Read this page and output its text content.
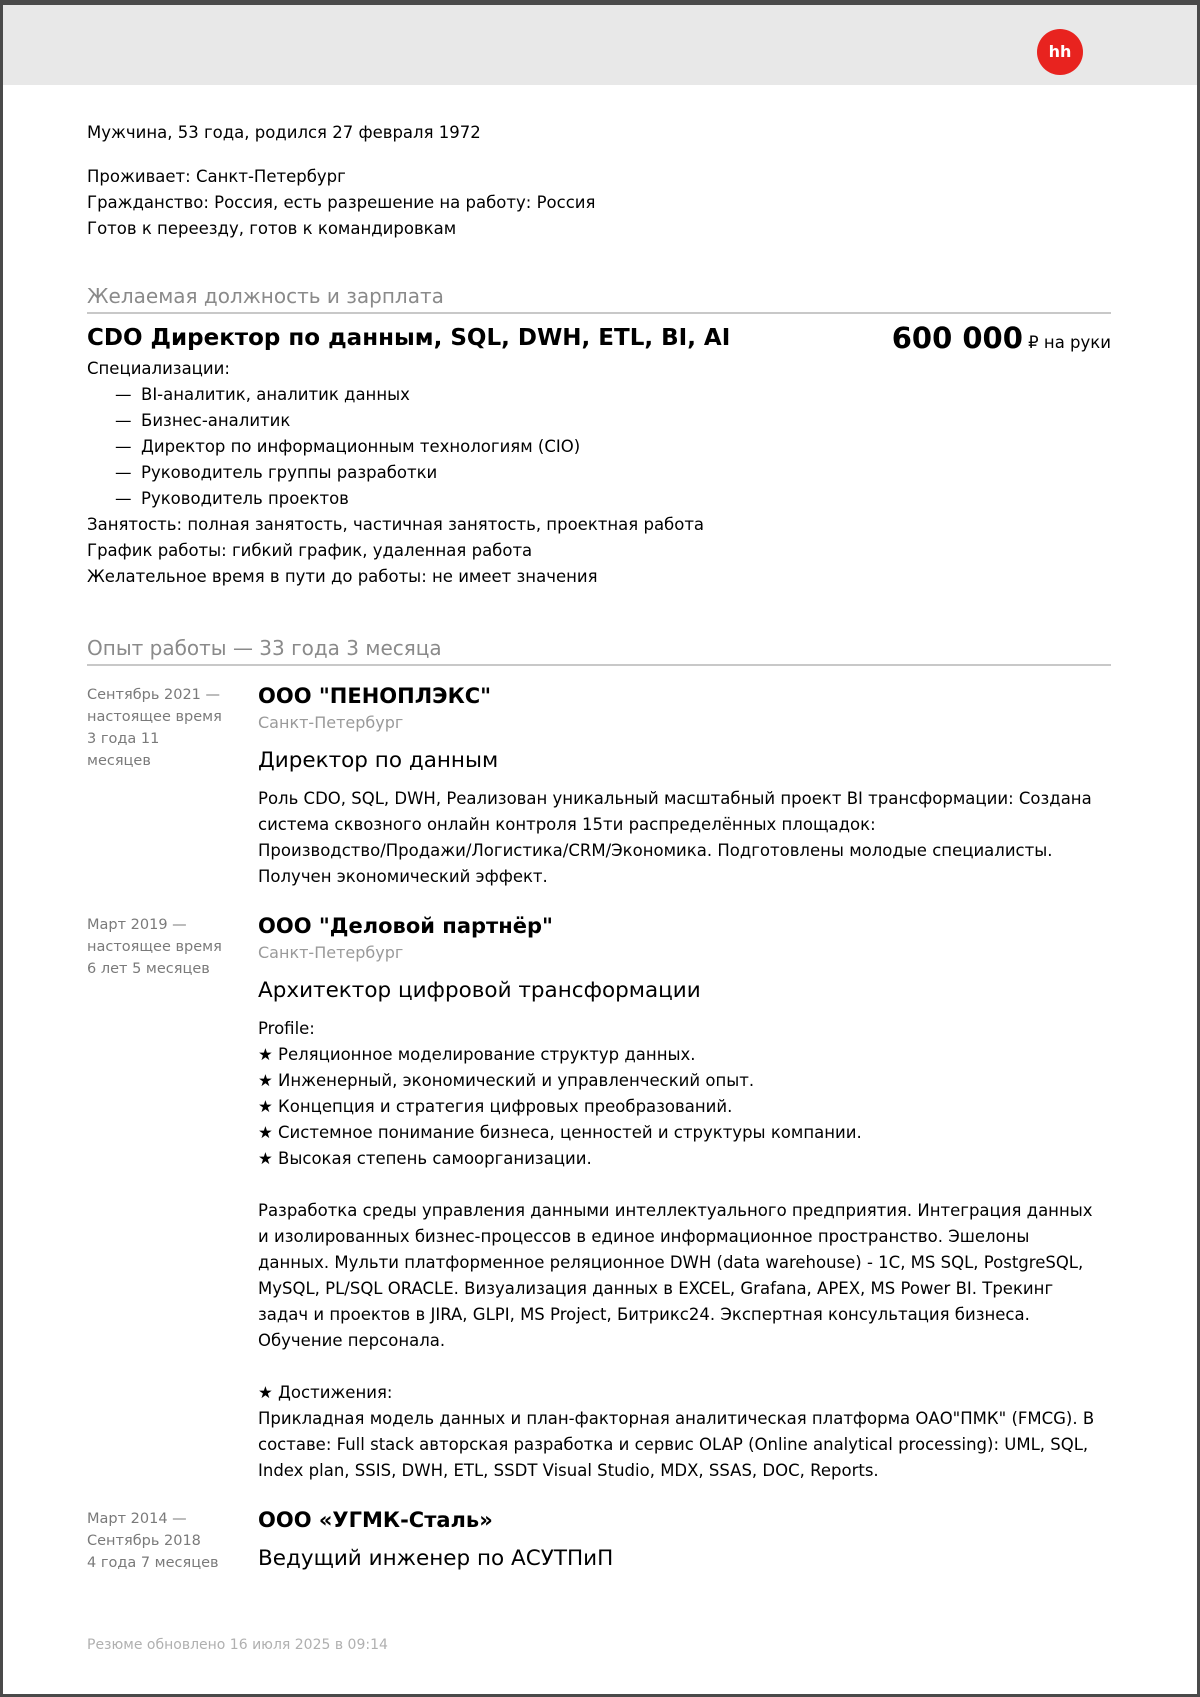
hh
Мужчина, 53 года, родился 27 февраля 1972
Проживает: Санкт-Петербург
Гражданство: Россия, есть разрешение на работу: Россия
Готов к переезду, готов к командировкам
Желаемая должность и зарплата
CDO Директор по данным, SQL, DWH, ETL, BI, AI	600 000 ₽ на руки
Специализации:
— BI-аналитик, аналитик данных
— Бизнес-аналитик
— Директор по информационным технологиям (CIO)
— Руководитель группы разработки
— Руководитель проектов
Занятость: полная занятость, частичная занятость, проектная работа
График работы: гибкий график, удаленная работа
Желательное время в пути до работы: не имеет значения
Опыт работы — 33 года 3 месяца
Сентябрь 2021 —
настоящее время
3 года 11
месяцев
ООО "ПЕНОПЛЭКС"
Санкт-Петербург
Директор по данным
Роль CDO, SQL, DWH, Реализован уникальный масштабный проект BI трансформации: Создана
система сквозного онлайн контроля 15ти распределённых площадок:
Производство/Продажи/Логистика/CRM/Экономика. Подготовлены молодые специалисты.
Получен экономический эффект.
Март 2019 —
настоящее время
6 лет 5 месяцев
ООО "Деловой партнёр"
Санкт-Петербург
Архитектор цифровой трансформации
Profile:
★ Реляционное моделирование структур данных.
★ Инженерный, экономический и управленческий опыт.
★ Концепция и стратегия цифровых преобразований.
★ Системное понимание бизнеса, ценностей и структуры компании.
★ Высокая степень самоорганизации.
Разработка среды управления данными интеллектуального предприятия. Интеграция данных
и изолированных бизнес-процессов в единое информационное пространство. Эшелоны
данных. Мульти платформенное реляционное DWH (data warehouse) - 1С, MS SQL, PostgreSQL,
MySQL, PL/SQL ORACLE. Визуализация данных в EXCEL, Grafana, APEX, MS Power BI. Трекинг
задач и проектов в JIRA, GLPI, MS Project, Битрикс24. Экспертная консультация бизнеса.
Обучение персонала.
★ Достижения:
Прикладная модель данных и план-факторная аналитическая платформа ОАО"ПМК" (FMCG). В
составе: Full stack авторская разработка и сервис OLAP (Online analytical processing): UML, SQL,
Index plan, SSIS, DWH, ETL, SSDT Visual Studio, MDX, SSAS, DOC, Reports.
Март 2014 —
Сентябрь 2018
4 года 7 месяцев
ООО «УГМК-Сталь»
Ведущий инженер по АСУТПиП
Резюме обновлено 16 июля 2025 в 09:14
